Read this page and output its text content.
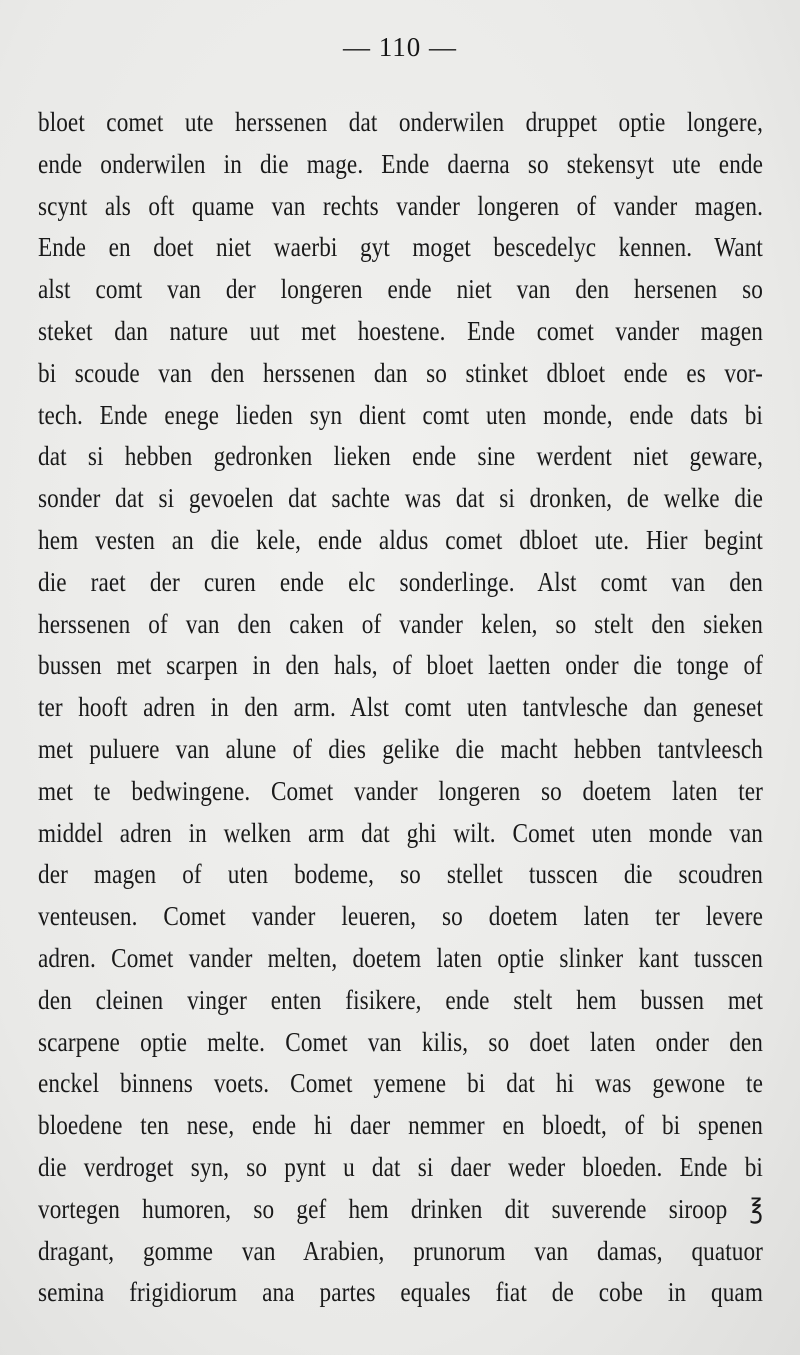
— 110 —
bloet comet ute herssenen dat onderwilen druppet optie longere,
ende onderwilen in die mage. Ende daerna so stekensyt ute ende
scynt als oft quame van rechts vander longeren of vander magen.
Ende en doet niet waerbi gyt moget bescedelyc kennen. Want
alst comt van der longeren ende niet van den hersenen so
steket dan nature uut met hoestene. Ende comet vander magen
bi scoude van den herssenen dan so stinket dbloet ende es vor-
tech. Ende enege lieden syn dient comt uten monde, ende dats bi
dat si hebben gedronken lieken ende sine werdent niet geware,
sonder dat si gevoelen dat sachte was dat si dronken, de welke die
hem vesten an die kele, ende aldus comet dbloet ute. Hier begint
die raet der curen ende elc sonderlinge. Alst comt van den
herssenen of van den caken of vander kelen, so stelt den sieken
bussen met scarpen in den hals, of bloet laetten onder die tonge of
ter hooft adren in den arm. Alst comt uten tantvlesche dan geneset
met puluere van alune of dies gelike die macht hebben tantvleesch
met te bedwingene. Comet vander longeren so doetem laten ter
middel adren in welken arm dat ghi wilt. Comet uten monde van
der magen of uten bodeme, so stellet tusscen die scoudren
venteusen. Comet vander leueren, so doetem laten ter levere
adren. Comet vander melten, doetem laten optie slinker kant tusscen
den cleinen vinger enten fisikere, ende stelt hem bussen met
scarpene optie melte. Comet van kilis, so doet laten onder den
enckel binnens voets. Comet yemene bi dat hi was gewone te
bloedene ten nese, ende hi daer nemmer en bloedt, of bi spenen
die verdroget syn, so pynt u dat si daer weder bloeden. Ende bi
vortegen humoren, so gef hem drinken dit suverende siroop ℥
dragant, gomme van Arabien, prunorum van damas, quatuor
semina frigidiorum ana partes equales fiat de cobe in quam
